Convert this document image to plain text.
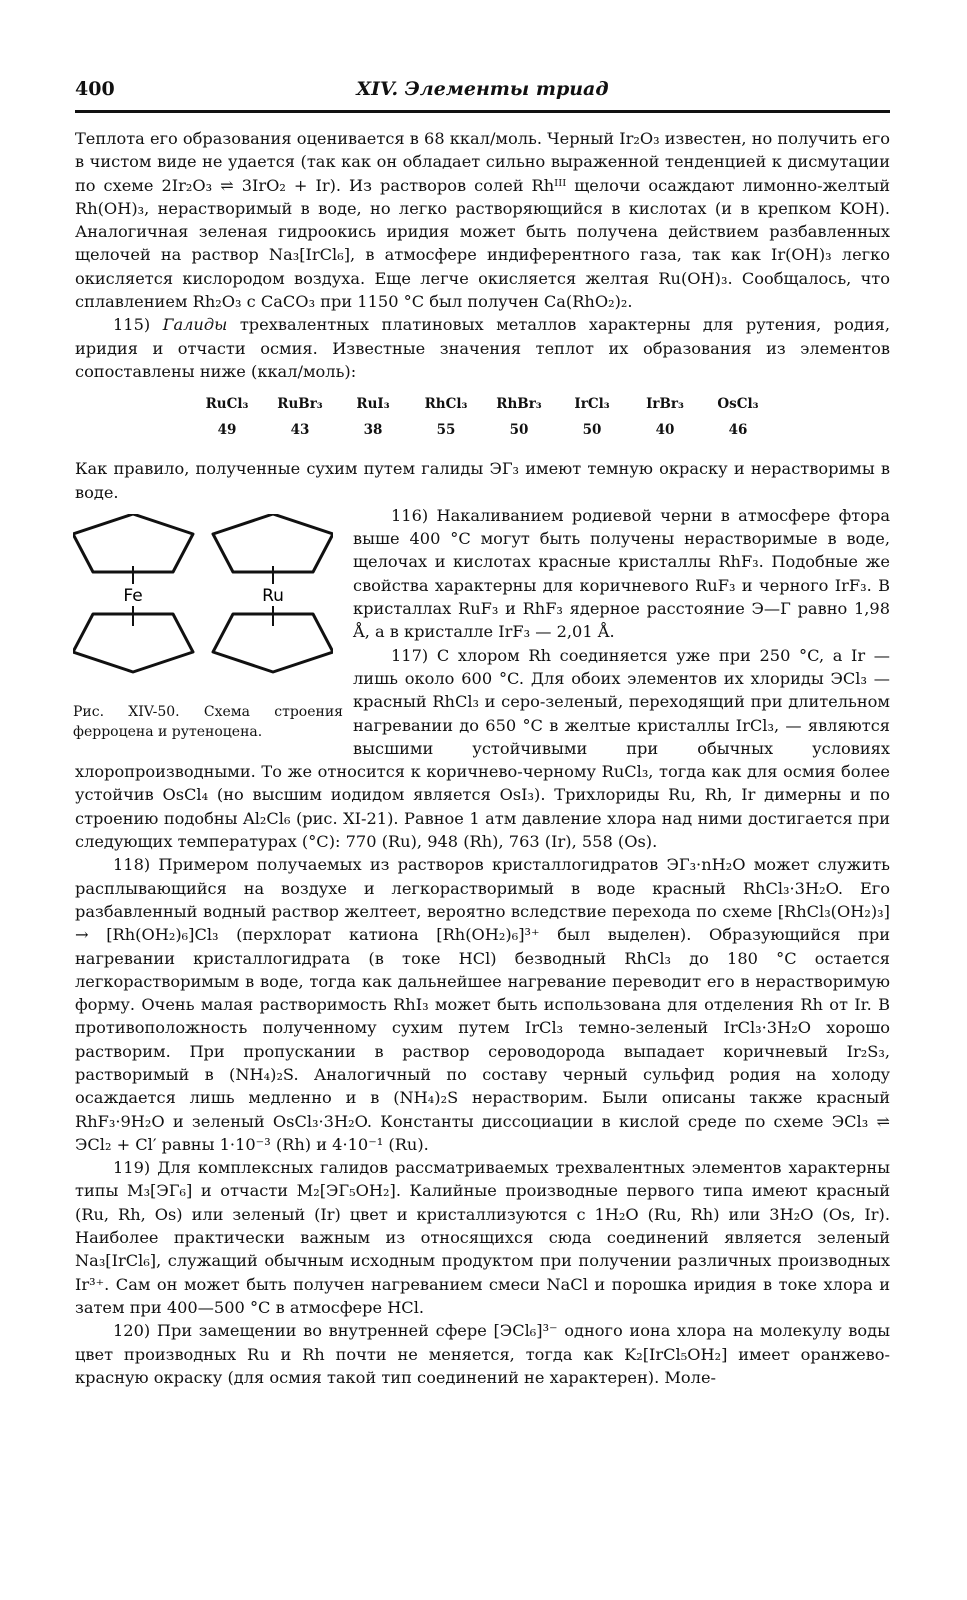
400	XIV. Элементы триад

Теплота его образования оценивается в 68 ккал/моль. Черный Ir₂O₃ известен, но получить его в чистом виде не удается (так как он обладает сильно выраженной тенденцией к дисмутации по схеме 2Ir₂O₃ ⇌ 3IrO₂ + Ir). Из растворов солей Rhᴵᴵᴵ щелочи осаждают лимонно-желтый Rh(OH)₃, нерастворимый в воде, но легко растворяющийся в кислотах (и в крепком KOH). Аналогичная зеленая гидроокись иридия может быть получена действием разбавленных щелочей на раствор Na₃[IrCl₆], в атмосфере индиферентного газа, так как Ir(OH)₃ легко окисляется кислородом воздуха. Еще легче окисляется желтая Ru(OH)₃. Сообщалось, что сплавлением Rh₂O₃ с CaCO₃ при 1150 °C был получен Ca(RhO₂)₂.

115) Галиды трехвалентных платиновых металлов характерны для рутения, родия, иридия и отчасти осмия. Известные значения теплот их образования из элементов сопоставлены ниже (ккал/моль):

RuCl₃
49
RuBr₃
43
RuI₃
38
RhCl₃
55
RhBr₃
50
IrCl₃
50
IrBr₃
40
OsCl₃
46

Как правило, полученные сухим путем галиды ЭГ₃ имеют темную окраску и нерастворимы в воде.

Fe	Ru
Рис. XIV-50. Схема строения ферроцена и рутеноцена.

116) Накаливанием родиевой черни в атмосфере фтора выше 400 °C могут быть получены нерастворимые в воде, щелочах и кислотах красные кристаллы RhF₃. Подобные же свойства характерны для коричневого RuF₃ и черного IrF₃. В кристаллах RuF₃ и RhF₃ ядерное расстояние Э—Г равно 1,98 Å, а в кристалле IrF₃ — 2,01 Å.

117) С хлором Rh соединяется уже при 250 °C, а Ir — лишь около 600 °C. Для обоих элементов их хлориды ЭCl₃ — красный RhCl₃ и серо-зеленый, переходящий при длительном нагревании до 650 °C в желтые кристаллы IrCl₃, — являются высшими устойчивыми при обычных условиях хлоропроизводными. То же относится к коричнево-черному RuCl₃, тогда как для осмия более устойчив OsCl₄ (но высшим иодидом является OsI₃). Трихлориды Ru, Rh, Ir димерны и по строению подобны Al₂Cl₆ (рис. XI-21). Равное 1 атм давление хлора над ними достигается при следующих температурах (°C): 770 (Ru), 948 (Rh), 763 (Ir), 558 (Os).

118) Примером получаемых из растворов кристаллогидратов ЭГ₃·nH₂O может служить расплывающийся на воздухе и легкорастворимый в воде красный RhCl₃·3H₂O. Его разбавленный водный раствор желтеет, вероятно вследствие перехода по схеме [RhCl₃(OH₂)₃] → [Rh(OH₂)₆]Cl₃ (перхлорат катиона [Rh(OH₂)₆]³⁺ был выделен). Образующийся при нагревании кристаллогидрата (в токе HCl) безводный RhCl₃ до 180 °C остается легкорастворимым в воде, тогда как дальнейшее нагревание переводит его в нерастворимую форму. Очень малая растворимость RhI₃ может быть использована для отделения Rh от Ir. В противоположность полученному сухим путем IrCl₃ темно-зеленый IrCl₃·3H₂O хорошо растворим. При пропускании в раствор сероводорода выпадает коричневый Ir₂S₃, растворимый в (NH₄)₂S. Аналогичный по составу черный сульфид родия на холоду осаждается лишь медленно и в (NH₄)₂S нерастворим. Были описаны также красный RhF₃·9H₂O и зеленый OsCl₃·3H₂O. Константы диссоциации в кислой среде по схеме ЭCl₃ ⇌ ЭCl₂ + Cl′ равны 1·10⁻³ (Rh) и 4·10⁻¹ (Ru).

119) Для комплексных галидов рассматриваемых трехвалентных элементов характерны типы M₃[ЭГ₆] и отчасти M₂[ЭГ₅OH₂]. Калийные производные первого типа имеют красный (Ru, Rh, Os) или зеленый (Ir) цвет и кристаллизуются с 1H₂O (Ru, Rh) или 3H₂O (Os, Ir). Наиболее практически важным из относящихся сюда соединений является зеленый Na₃[IrCl₆], служащий обычным исходным продуктом при получении различных производных Ir³⁺. Сам он может быть получен нагреванием смеси NaCl и порошка иридия в токе хлора и затем при 400—500 °C в атмосфере HCl.

120) При замещении во внутренней сфере [ЭCl₆]³⁻ одного иона хлора на молекулу воды цвет производных Ru и Rh почти не меняется, тогда как K₂[IrCl₅OH₂] имеет оранжево-красную окраску (для осмия такой тип соединений не характерен). Моле-
